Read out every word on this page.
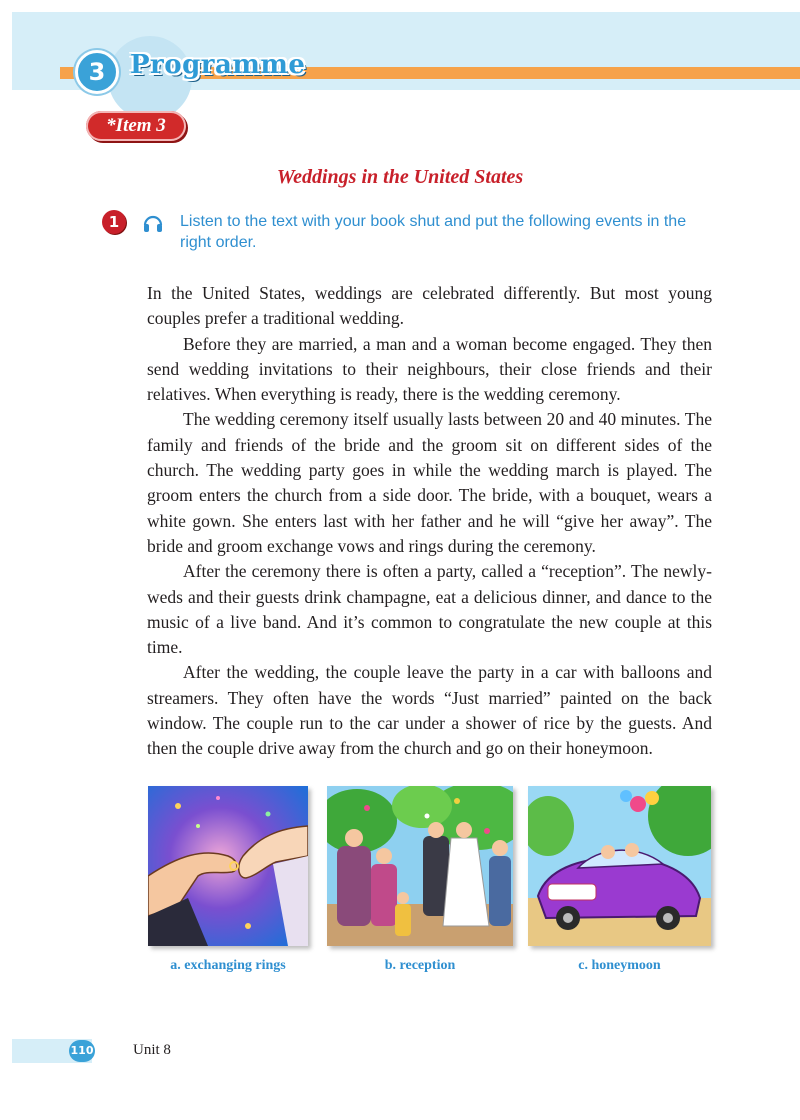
3 Programme
*Item 3
Weddings in the United States
1	Listen to the text with your book shut and put the following events in the right order.

In the United States, weddings are celebrated differently. But most young couples prefer a traditional wedding.

Before they are married, a man and a woman become engaged. They then send wedding invitations to their neighbours, their close friends and their relatives. When everything is ready, there is the wedding ceremony.

The wedding ceremony itself usually lasts between 20 and 40 minutes. The family and friends of the bride and the groom sit on different sides of the church. The wedding party goes in while the wedding march is played. The groom enters the church from a side door. The bride, with a bouquet, wears a white gown. She enters last with her father and he will “give her away”. The bride and groom exchange vows and rings during the ceremony.

After the ceremony there is often a party, called a “reception”. The newly-weds and their guests drink champagne, eat a delicious dinner, and dance to the music of a live band. And it’s common to congratulate the new couple at this time.

After the wedding, the couple leave the party in a car with balloons and streamers. They often have the words “Just married” painted on the back window. The couple run to the car under a shower of rice by the guests. And then the couple drive away from the church and go on their honeymoon.

a. exchanging rings	b. reception	c. honeymoon
110	Unit 8
